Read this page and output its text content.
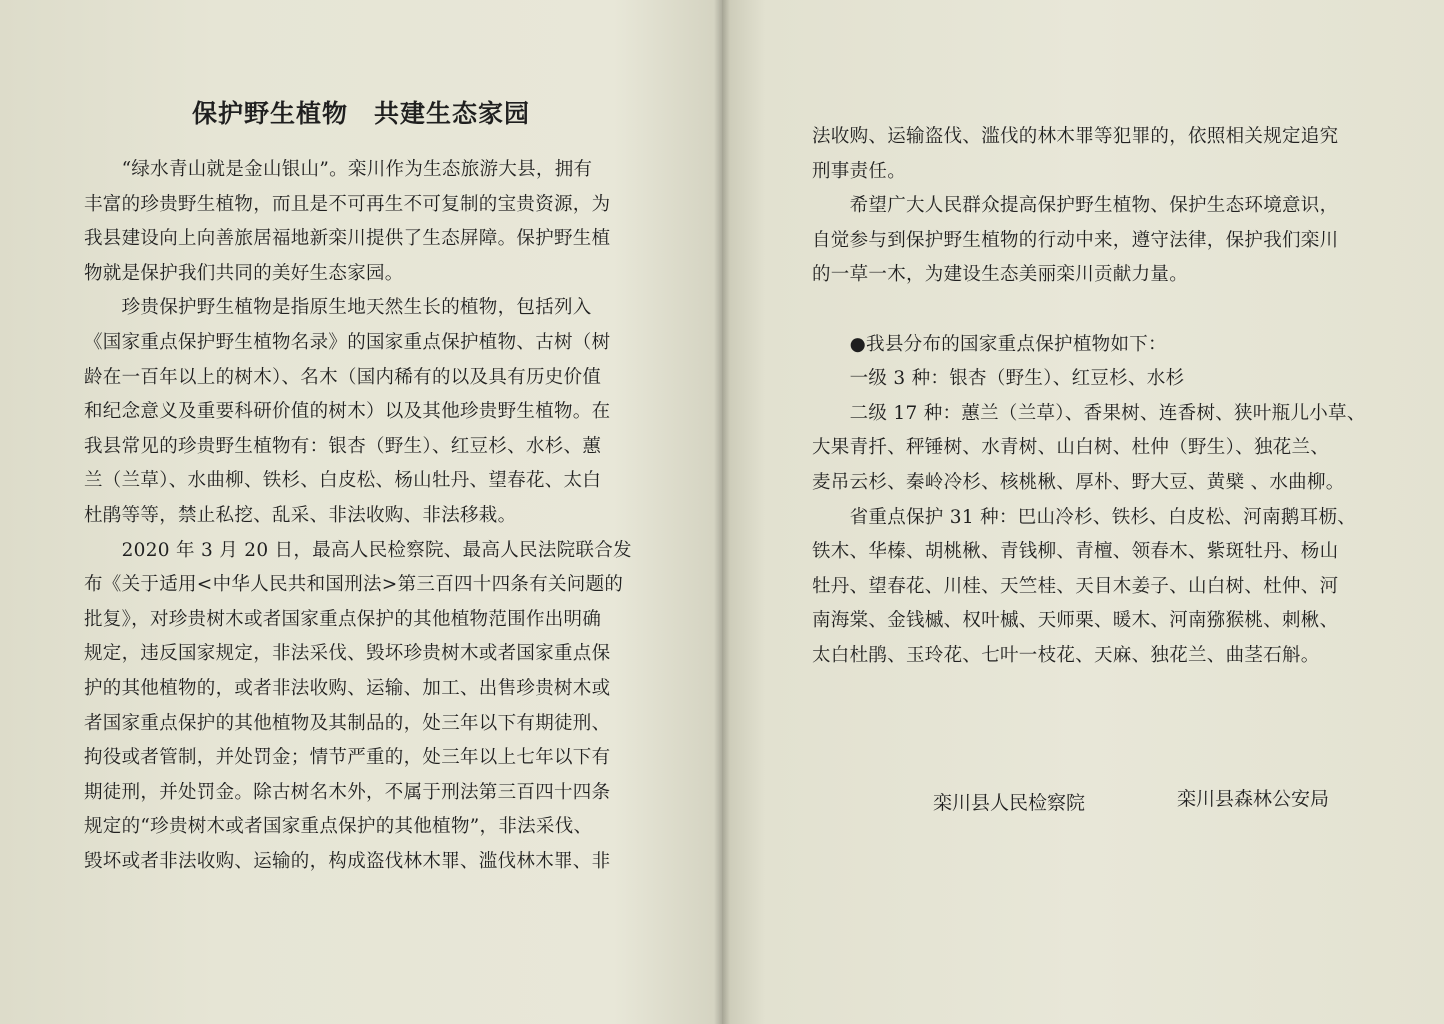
保护野生植物　共建生态家园
　　“绿水青山就是金山银山”。栾川作为生态旅游大县，拥有
丰富的珍贵野生植物，而且是不可再生不可复制的宝贵资源，为
我县建设向上向善旅居福地新栾川提供了生态屏障。保护野生植
物就是保护我们共同的美好生态家园。
　　珍贵保护野生植物是指原生地天然生长的植物，包括列入
《国家重点保护野生植物名录》的国家重点保护植物、古树（树
龄在一百年以上的树木）、名木（国内稀有的以及具有历史价值
和纪念意义及重要科研价值的树木）以及其他珍贵野生植物。在
我县常见的珍贵野生植物有：银杏（野生）、红豆杉、水杉、蕙
兰（兰草）、水曲柳、铁杉、白皮松、杨山牡丹、望春花、太白
杜鹃等等，禁止私挖、乱采、非法收购、非法移栽。
　　2020 年 3 月 20 日，最高人民检察院、最高人民法院联合发
布《关于适用<中华人民共和国刑法>第三百四十四条有关问题的
批复》，对珍贵树木或者国家重点保护的其他植物范围作出明确
规定，违反国家规定，非法采伐、毁坏珍贵树木或者国家重点保
护的其他植物的，或者非法收购、运输、加工、出售珍贵树木或
者国家重点保护的其他植物及其制品的，处三年以下有期徒刑、
拘役或者管制，并处罚金；情节严重的，处三年以上七年以下有
期徒刑，并处罚金。除古树名木外，不属于刑法第三百四十四条
规定的“珍贵树木或者国家重点保护的其他植物”，非法采伐、
毁坏或者非法收购、运输的，构成盗伐林木罪、滥伐林木罪、非
法收购、运输盗伐、滥伐的林木罪等犯罪的，依照相关规定追究
刑事责任。
　　希望广大人民群众提高保护野生植物、保护生态环境意识，
自觉参与到保护野生植物的行动中来，遵守法律，保护我们栾川
的一草一木，为建设生态美丽栾川贡献力量。
　　●我县分布的国家重点保护植物如下：
　　一级 3 种：银杏（野生）、红豆杉、水杉
　　二级 17 种：蕙兰（兰草）、香果树、连香树、狭叶瓶儿小草、
大果青扦、秤锤树、水青树、山白树、杜仲（野生）、独花兰、
麦吊云杉、秦岭冷杉、核桃楸、厚朴、野大豆、黄檗 、水曲柳。
　　省重点保护 31 种：巴山冷杉、铁杉、白皮松、河南鹅耳枥、
铁木、华榛、胡桃楸、青钱柳、青檀、领春木、紫斑牡丹、杨山
牡丹、望春花、川桂、天竺桂、天目木姜子、山白树、杜仲、河
南海棠、金钱槭、权叶槭、天师栗、暖木、河南猕猴桃、刺楸、
太白杜鹃、玉玲花、七叶一枝花、天麻、独花兰、曲茎石斛。
栾川县人民检察院	栾川县森林公安局
